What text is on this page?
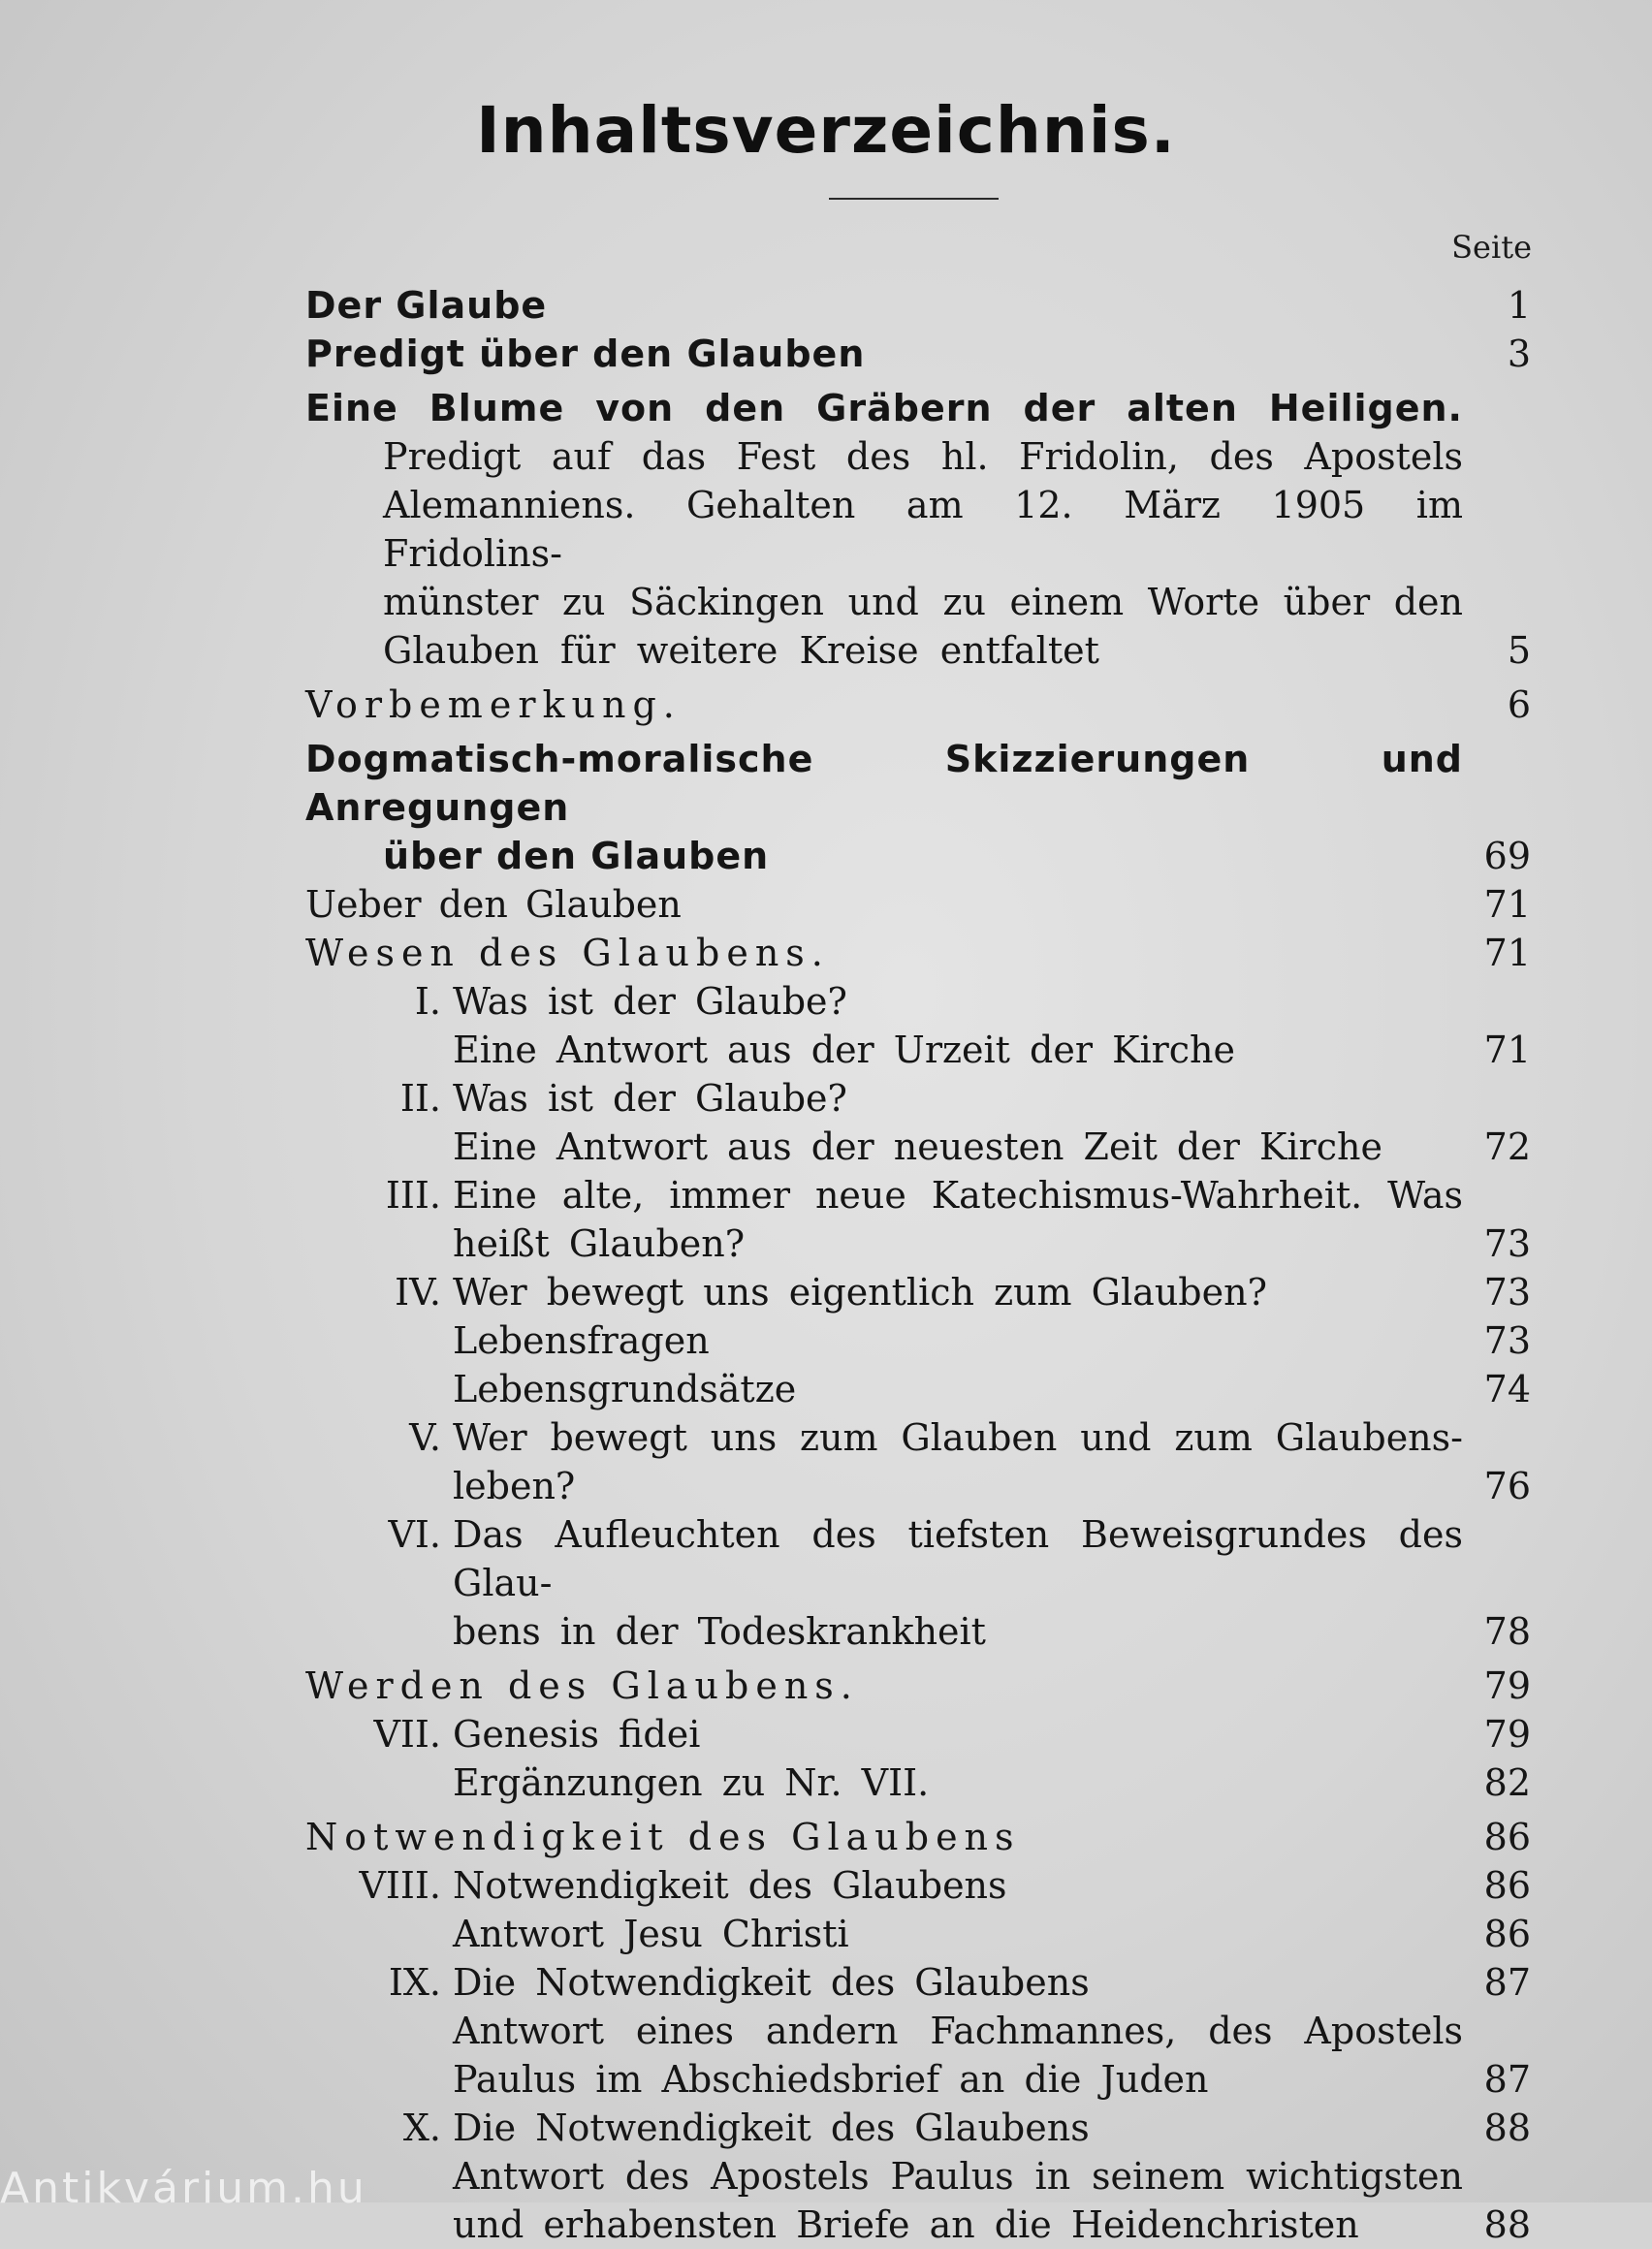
Inhaltsverzeichnis.
Seite
Der Glaube	1
Predigt über den Glauben	3
Eine Blume von den Gräbern der alten Heiligen.
Predigt auf das Fest des hl. Fridolin, des Apostels
Alemanniens. Gehalten am 12. März 1905 im Fridolins-
münster zu Säckingen und zu einem Worte über den
Glauben für weitere Kreise entfaltet	5
Vorbemerkung.	6
Dogmatisch-moralische Skizzierungen und Anregungen
über den Glauben	69
Ueber den Glauben	71
Wesen des Glaubens.	71
I. Was ist der Glaube?
Eine Antwort aus der Urzeit der Kirche	71
II. Was ist der Glaube?
Eine Antwort aus der neuesten Zeit der Kirche	72
III. Eine alte, immer neue Katechismus-Wahrheit. Was
heißt Glauben?	73
IV. Wer bewegt uns eigentlich zum Glauben?	73
Lebensfragen	73
Lebensgrundsätze	74
V. Wer bewegt uns zum Glauben und zum Glaubens-
leben?	76
VI. Das Aufleuchten des tiefsten Beweisgrundes des Glau-
bens in der Todeskrankheit	78
Werden des Glaubens.	79
VII. Genesis fidei	79
Ergänzungen zu Nr. VII.	82
Notwendigkeit des Glaubens	86
VIII. Notwendigkeit des Glaubens	86
Antwort Jesu Christi	86
IX. Die Notwendigkeit des Glaubens	87
Antwort eines andern Fachmannes, des Apostels
Paulus im Abschiedsbrief an die Juden	87
X. Die Notwendigkeit des Glaubens	88
Antwort des Apostels Paulus in seinem wichtigsten
und erhabensten Briefe an die Heidenchristen	88
Antikvárium.hu
